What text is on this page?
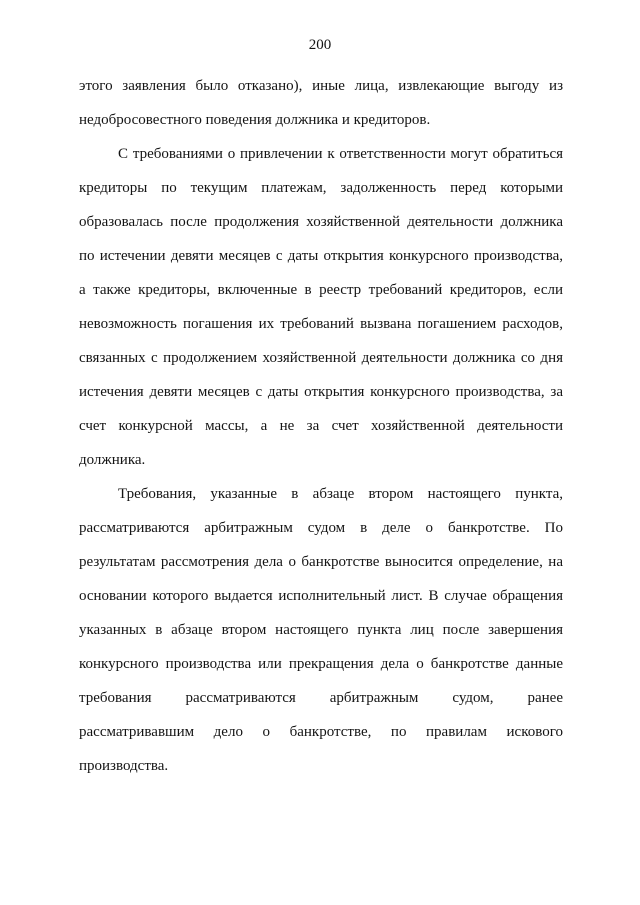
200
этого заявления было отказано), иные лица, извлекающие выгоду из
недобросовестного поведения должника и кредиторов.
С требованиями о привлечении к ответственности могут обратиться
кредиторы по текущим платежам, задолженность перед которыми
образовалась после продолжения хозяйственной деятельности должника
по истечении девяти месяцев с даты открытия конкурсного производства,
а также кредиторы, включенные в реестр требований кредиторов, если
невозможность погашения их требований вызвана погашением расходов,
связанных с продолжением хозяйственной деятельности должника со дня
истечения девяти месяцев с даты открытия конкурсного производства, за
счет конкурсной массы, а не за счет хозяйственной деятельности
должника.
Требования, указанные в абзаце втором настоящего пункта,
рассматриваются арбитражным судом в деле о банкротстве. По
результатам рассмотрения дела о банкротстве выносится определение, на
основании которого выдается исполнительный лист. В случае обращения
указанных в абзаце втором настоящего пункта лиц после завершения
конкурсного производства или прекращения дела о банкротстве данные
требования рассматриваются арбитражным судом, ранее
рассматривавшим дело о банкротстве, по правилам искового
производства.
